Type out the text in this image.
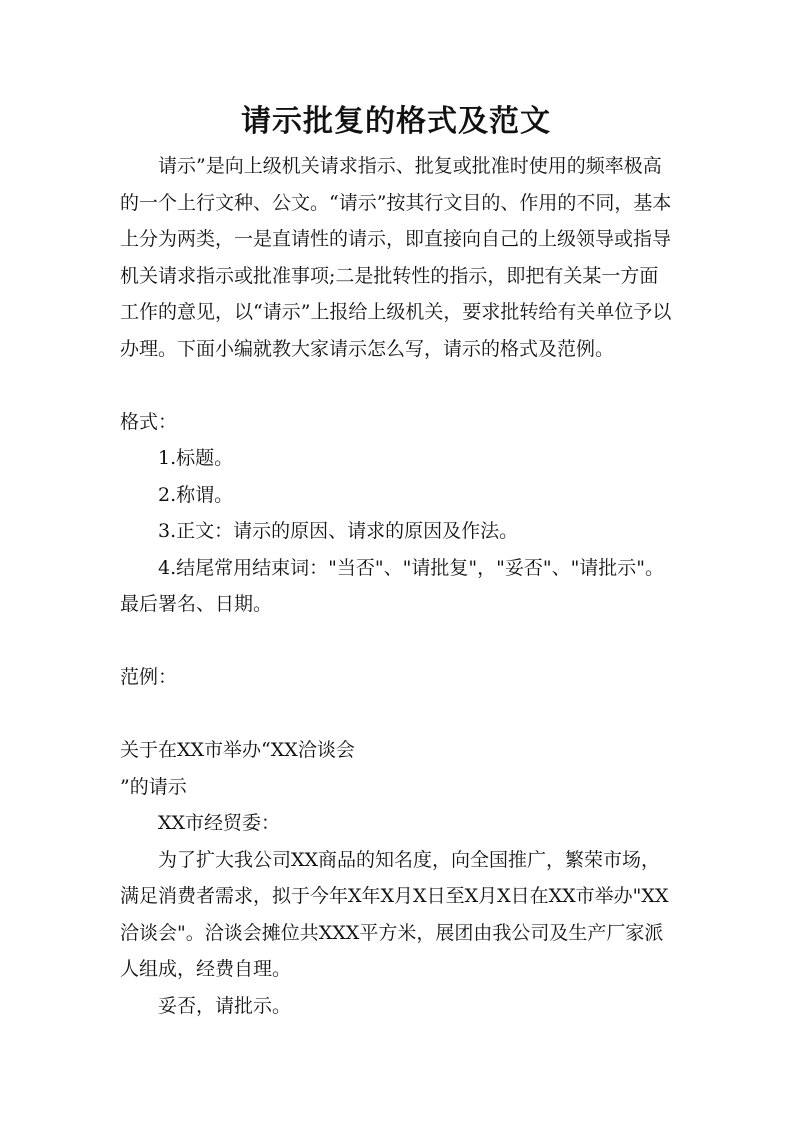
请示批复的格式及范文

请示”是向上级机关请求指示、批复或批准时使用的频率极高的一个上行文种、公文。“请示”按其行文目的、作用的不同，基本上分为两类，一是直请性的请示，即直接向自己的上级领导或指导机关请求指示或批准事项;二是批转性的指示，即把有关某一方面工作的意见，以“请示”上报给上级机关，要求批转给有关单位予以办理。下面小编就教大家请示怎么写，请示的格式及范例。

格式：

1.标题。

2.称谓。

3.正文：请示的原因、请求的原因及作法。

4.结尾常用结束词："当否"、"请批复"，"妥否"、"请批示"。

最后署名、日期。

范例：

关于在XX市举办“XX洽谈会

”的请示

XX市经贸委：

为了扩大我公司XX商品的知名度，向全国推广，繁荣市场，满足消费者需求，拟于今年X年X月X日至X月X日在XX市举办"XX洽谈会"。洽谈会摊位共XXX平方米，展团由我公司及生产厂家派人组成，经费自理。

妥否，请批示。
